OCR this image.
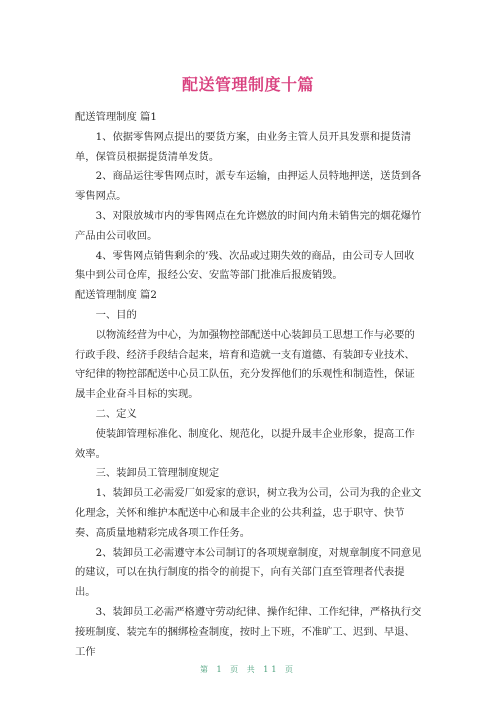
配送管理制度十篇

配送管理制度 篇1

1、依据零售网点提出的要货方案，由业务主管人员开具发票和提货清单，保管员根据提货清单发货。

2、商品运往零售网点时，派专车运输，由押运人员特地押送，送货到各零售网点。

3、对限放城市内的零售网点在允许燃放的时间内角未销售完的烟花爆竹产品由公司收回。

4、零售网点销售剩余的’残、次品或过期失效的商品，由公司专人回收集中到公司仓库，报经公安、安监等部门批准后报废销毁。

配送管理制度 篇2

一、目的

以物流经营为中心，为加强物控部配送中心装卸员工思想工作与必要的行政手段、经济手段结合起来，培育和造就一支有道德、有装卸专业技术、守纪律的物控部配送中心员工队伍，充分发挥他们的乐观性和制造性，保证晟丰企业奋斗目标的实现。

二、定义

使装卸管理标准化、制度化、规范化，以提升晟丰企业形象，提高工作效率。

三、装卸员工管理制度规定

1、装卸员工必需爱厂如爱家的意识，树立我为公司，公司为我的企业文化理念，关怀和维护本配送中心和晟丰企业的公共利益，忠于职守、快节奏、高质量地精彩完成各项工作任务。

2、装卸员工必需遵守本公司制订的各项规章制度，对规章制度不同意见的建议，可以在执行制度的指令的前提下，向有关部门直至管理者代表提出。

3、装卸员工必需严格遵守劳动纪律、操作纪律、工作纪律，严格执行交接班制度、装完车的捆绑检查制度，按时上下班，不准旷工、迟到、早退、工作

第 1 页 共 11 页
